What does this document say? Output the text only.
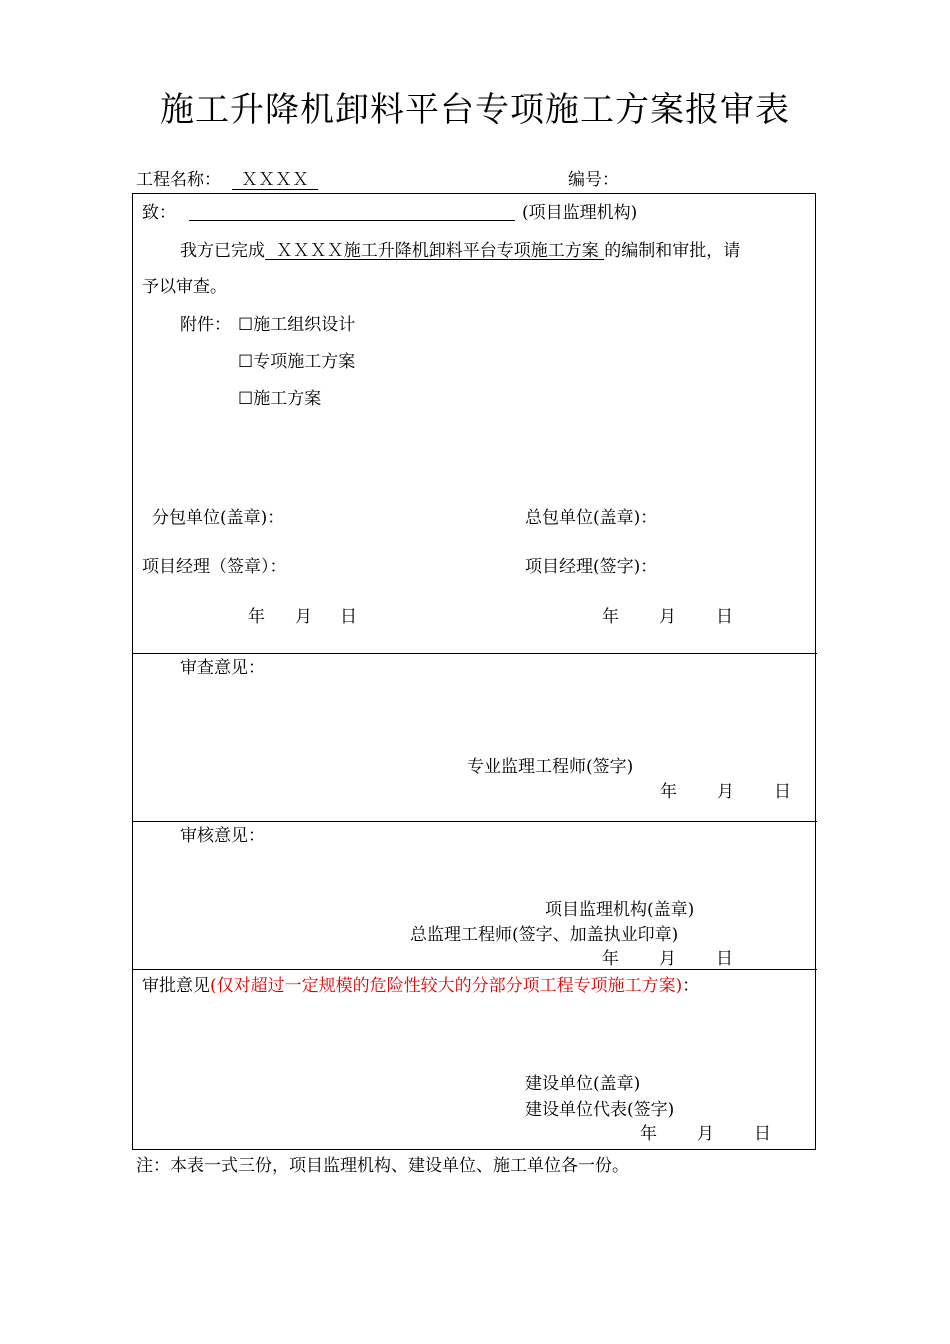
施工升降机卸料平台专项施工方案报审表
工程名称：	ＸＸＸＸ	编号：
致：	(项目监理机构)
我方已完成 ＸＸＸＸ施工升降机卸料平台专项施工方案 的编制和审批，请
予以审查。
附件： ☐施工组织设计
☐专项施工方案
☐施工方案
分包单位(盖章)：	总包单位(盖章)：
项目经理（签章）：	项目经理(签字)：
年 月 日	年 月 日
审查意见：
专业监理工程师(签字)
年 月 日
审核意见：
项目监理机构(盖章)
总监理工程师(签字、加盖执业印章)
年 月 日
审批意见(仅对超过一定规模的危险性较大的分部分项工程专项施工方案)：
建设单位(盖章)
建设单位代表(签字)
年 月 日
注：本表一式三份，项目监理机构、建设单位、施工单位各一份。
